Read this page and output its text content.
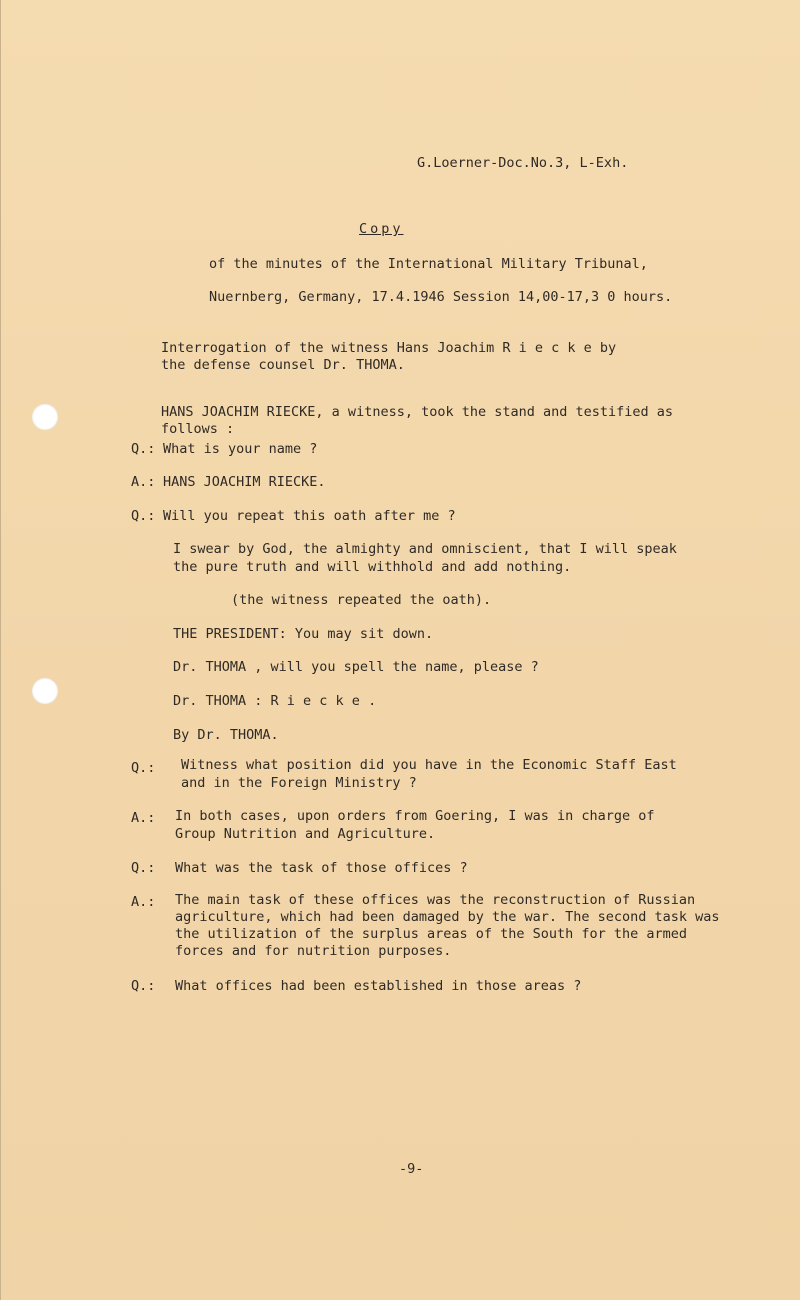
G.Loerner-Doc.No.3, L-Exh.
Copy
of the minutes of the International Military Tribunal,
Nuernberg, Germany, 17.4.1946 Session 14,00-17,3 0 hours.
Interrogation of the witness Hans Joachim R i e c k e by
the defense counsel Dr. THOMA.
HANS JOACHIM RIECKE, a witness, took the stand and testified as
follows :
Q.: What is your name ?
A.: HANS JOACHIM RIECKE.
Q.: Will you repeat this oath after me ?
I swear by God, the almighty and omniscient, that I will speak
the pure truth and will withhold and add nothing.
(the witness repeated the oath).
THE PRESIDENT: You may sit down.
Dr. THOMA , will you spell the name, please ?
Dr. THOMA : R i e c k e .
By Dr. THOMA.
Q.: Witness what position did you have in the Economic Staff East
and in the Foreign Ministry ?
A.: In both cases, upon orders from Goering, I was in charge of
Group Nutrition and Agriculture.
Q.: What was the task of those offices ?
A.: The main task of these offices was the reconstruction of Russian
agriculture, which had been damaged by the war. The second task was
the utilization of the surplus areas of the South for the armed
forces and for nutrition purposes.
Q.: What offices had been established in those areas ?
-9-
